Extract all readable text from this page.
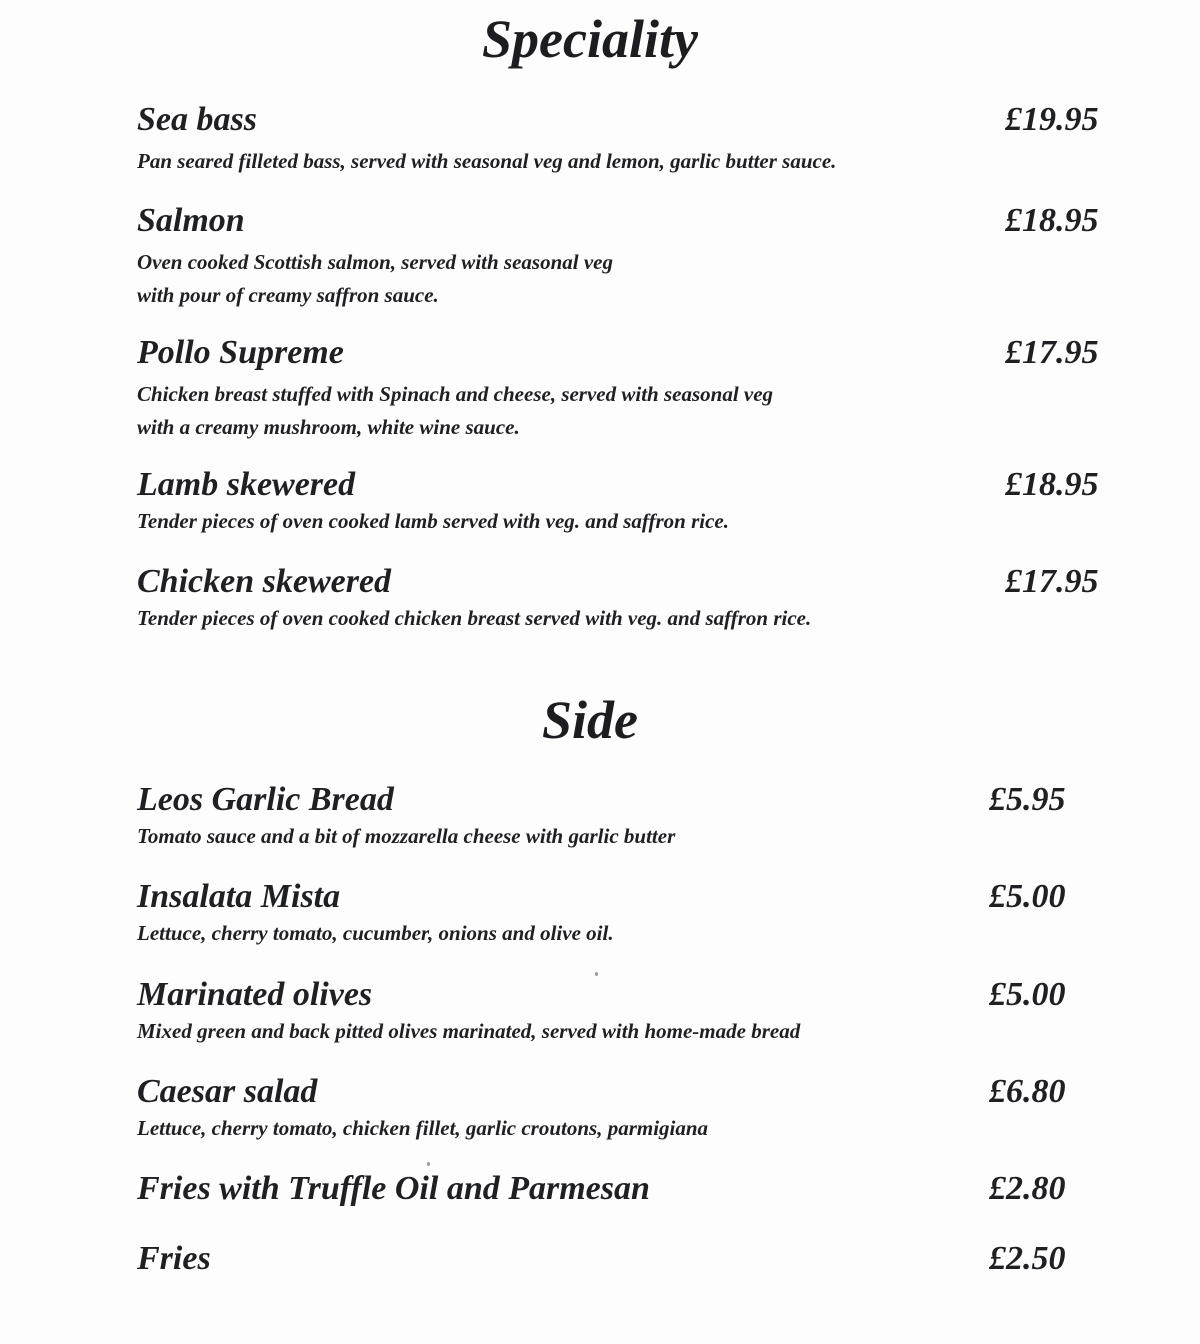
Speciality

Sea bass	£19.95

Pan seared filleted bass, served with seasonal veg and lemon, garlic butter sauce.

Salmon	£18.95

Oven cooked Scottish salmon, served with seasonal veg
with pour of creamy saffron sauce.

Pollo Supreme	£17.95

Chicken breast stuffed with Spinach and cheese, served with seasonal veg
with a creamy mushroom, white wine sauce.

Lamb skewered	£18.95

Tender pieces of oven cooked lamb served with veg. and saffron rice.

Chicken skewered	£17.95

Tender pieces of oven cooked chicken breast served with veg. and saffron rice.

Side

Leos Garlic Bread	£5.95

Tomato sauce and a bit of mozzarella cheese with garlic butter

Insalata Mista	£5.00

Lettuce, cherry tomato, cucumber, onions and olive oil.

Marinated olives	£5.00

Mixed green and back pitted olives marinated, served with home-made bread

Caesar salad	£6.80

Lettuce, cherry tomato, chicken fillet, garlic croutons, parmigiana

Fries with Truffle Oil and Parmesan	£2.80

Fries	£2.50
